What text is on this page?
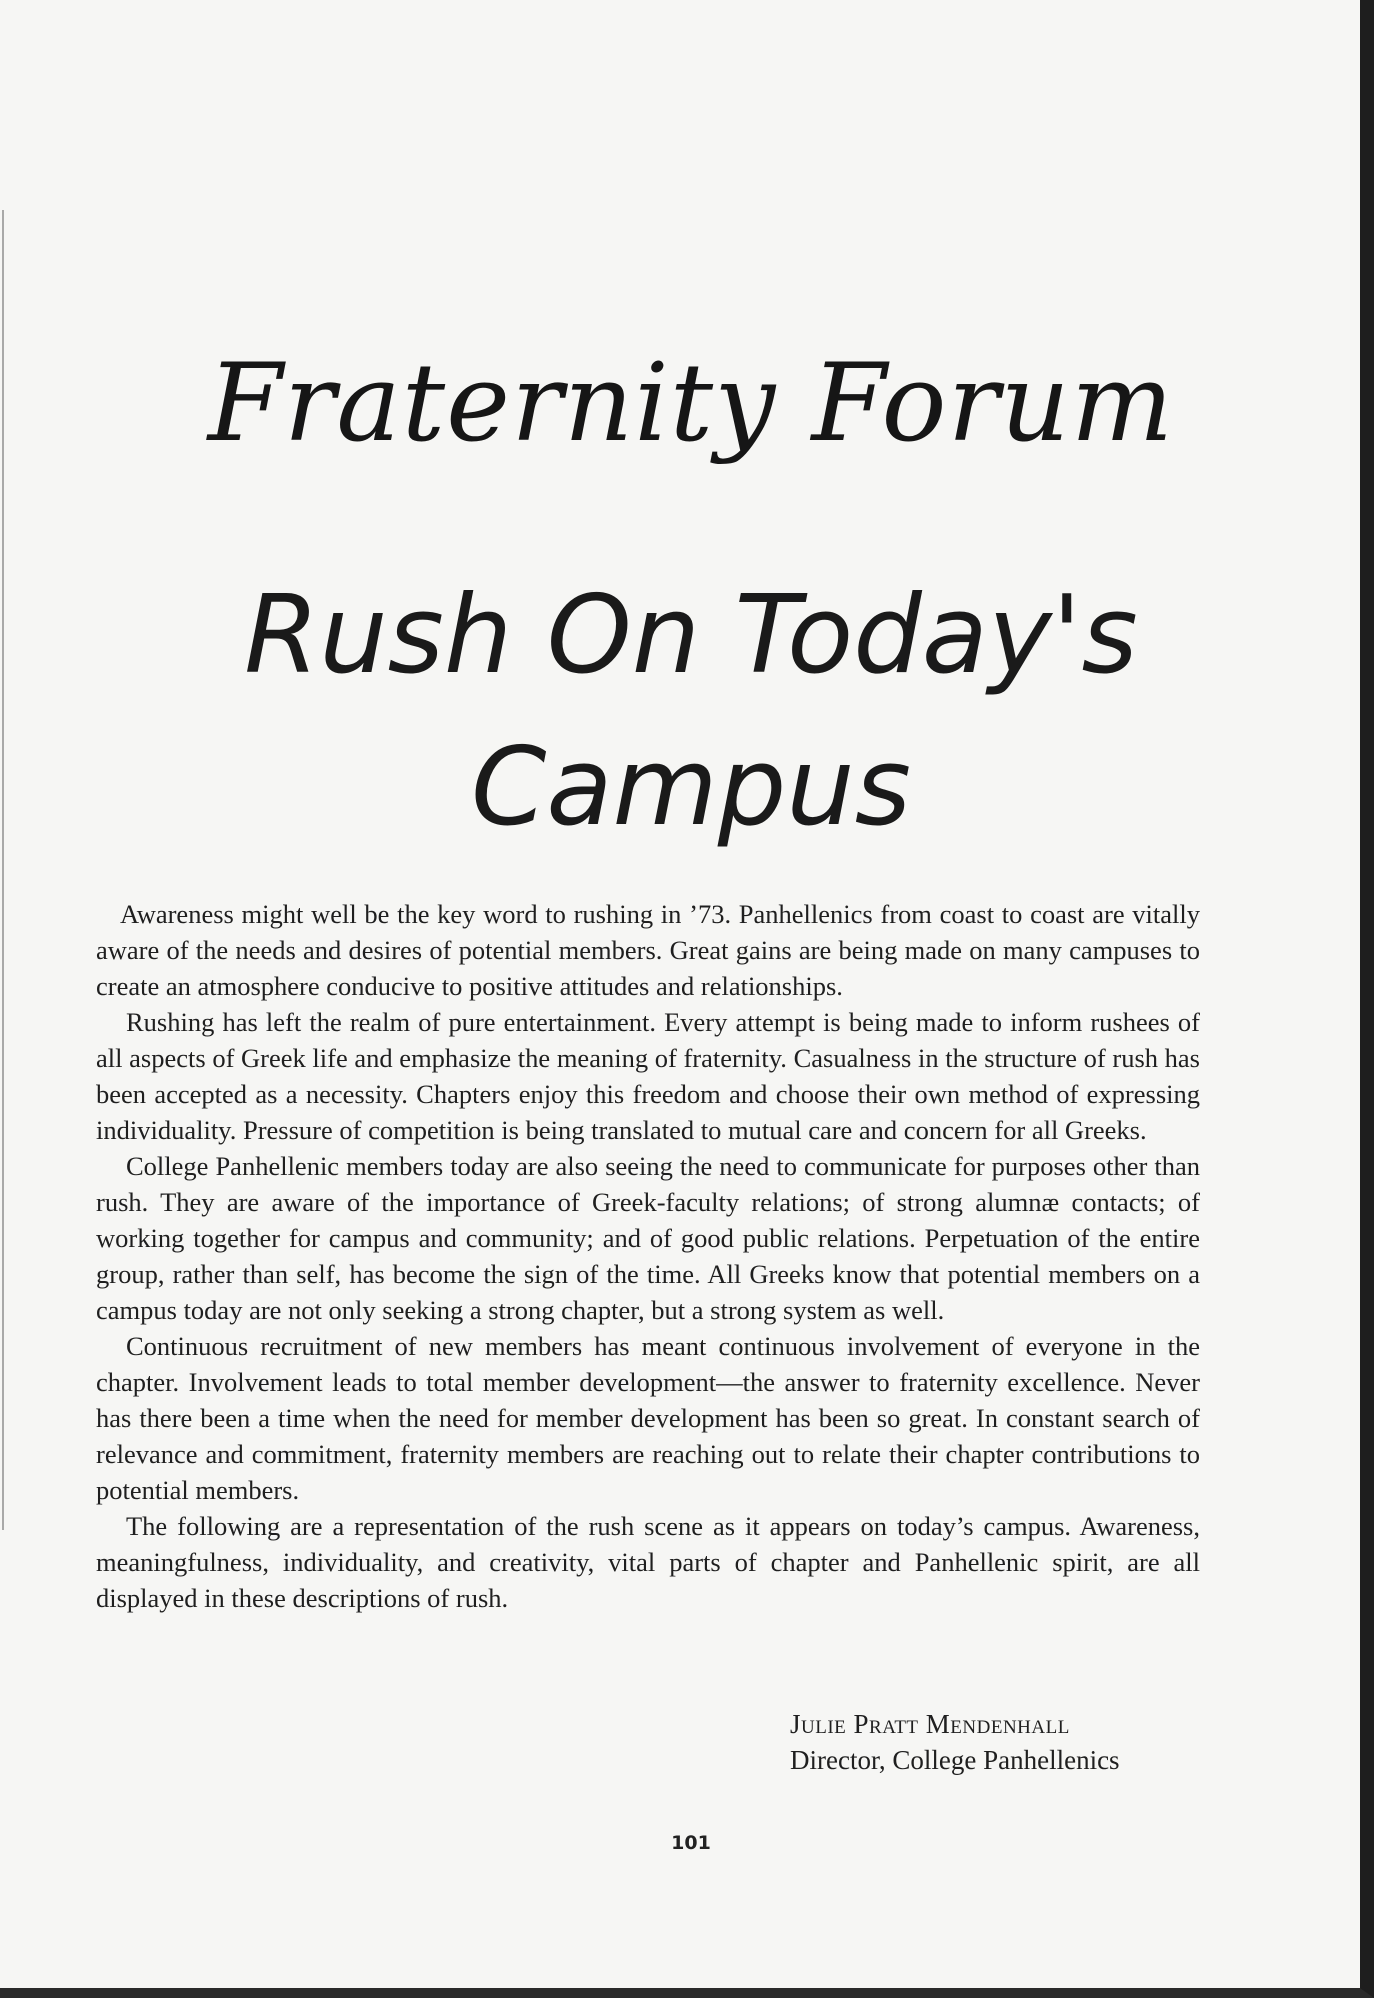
Fraternity Forum
Rush On Today's
Campus

Awareness might well be the key word to rushing in ’73. Panhellenics from coast to coast are vitally aware of the needs and desires of potential members. Great gains are being made on many campuses to create an atmosphere conducive to positive attitudes and relationships.

Rushing has left the realm of pure entertainment. Every attempt is being made to inform rushees of all aspects of Greek life and emphasize the meaning of fraternity. Casualness in the structure of rush has been accepted as a necessity. Chapters enjoy this freedom and choose their own method of expressing individuality. Pressure of competition is being translated to mutual care and concern for all Greeks.

College Panhellenic members today are also seeing the need to communicate for purposes other than rush. They are aware of the importance of Greek-faculty relations; of strong alumnæ contacts; of working together for campus and community; and of good public relations. Perpetuation of the entire group, rather than self, has become the sign of the time. All Greeks know that potential members on a campus today are not only seeking a strong chapter, but a strong system as well.

Continuous recruitment of new members has meant continuous involvement of everyone in the chapter. Involvement leads to total member development—the answer to fraternity excellence. Never has there been a time when the need for member development has been so great. In constant search of relevance and commitment, fraternity members are reaching out to relate their chapter contributions to potential members.

The following are a representation of the rush scene as it appears on today’s campus. Awareness, meaningfulness, individuality, and creativity, vital parts of chapter and Panhellenic spirit, are all displayed in these descriptions of rush.

Julie Pratt Mendenhall
Director, College Panhellenics
101
